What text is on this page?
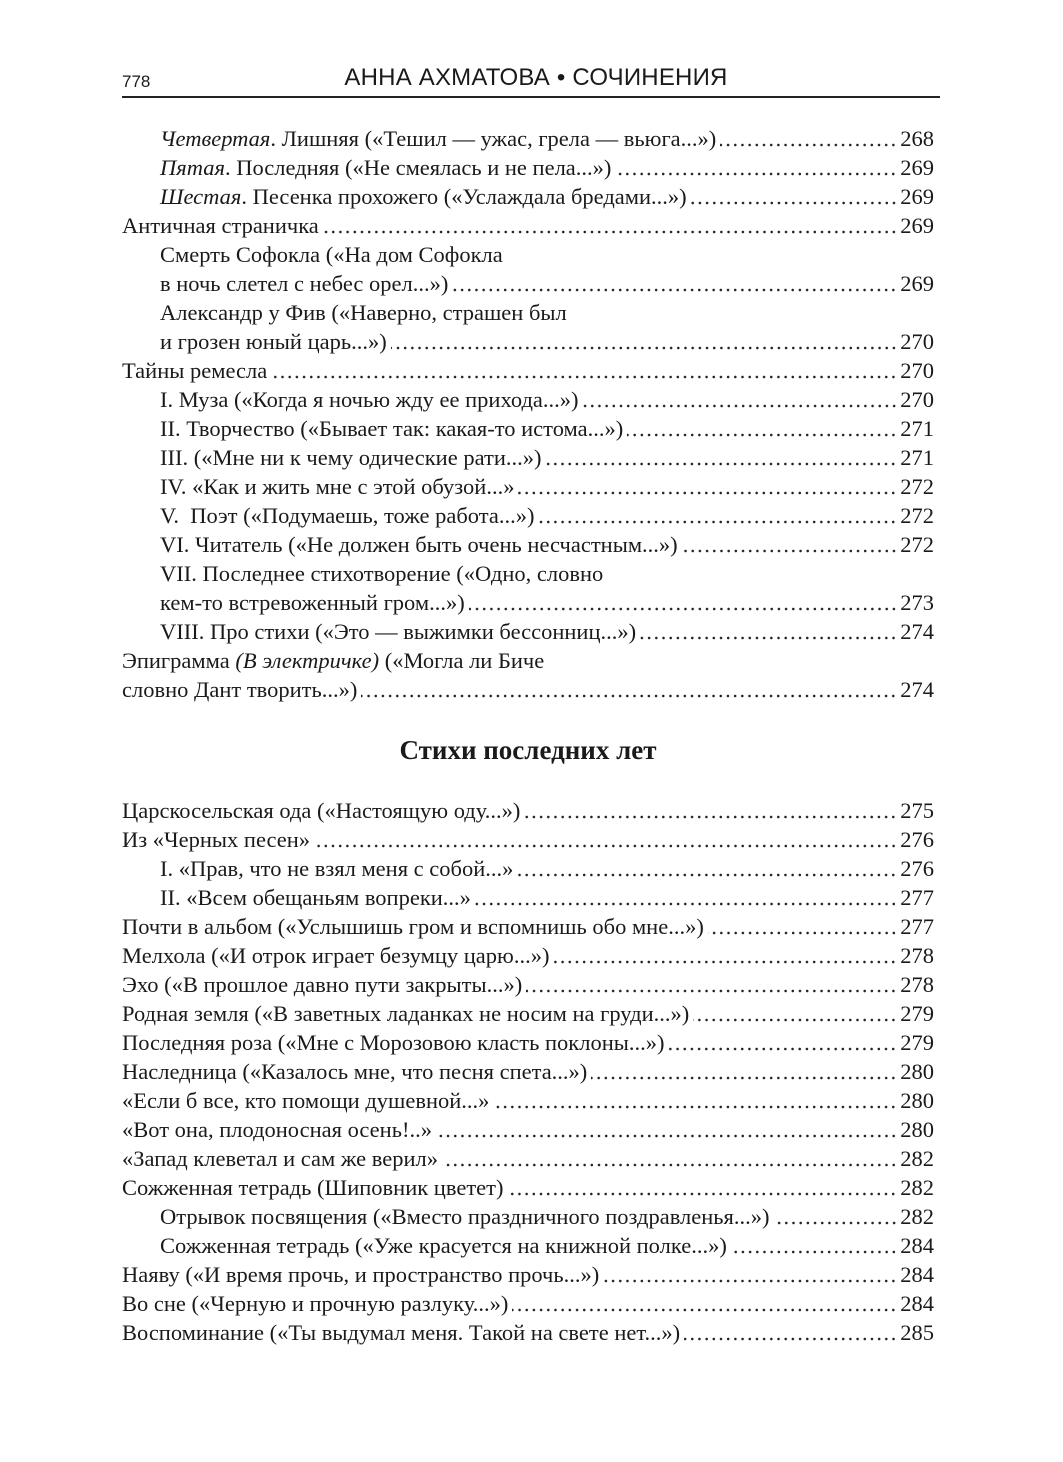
778	АННА АХМАТОВА • СОЧИНЕНИЯ
Четвертая. Лишняя («Тешил — ужас, грела — вьюга...»)	268
Пятая. Последняя («Не смеялась и не пела...»)	269
Шестая. Песенка прохожего («Услаждала бредами...»)	269
Античная страничка	269
Смерть Софокла («На дом Софокла
в ночь слетел с небес орел...»)	269
Александр у Фив («Наверно, страшен был
и грозен юный царь...»)	270
Тайны ремесла	270
I. Муза («Когда я ночью жду ее прихода...»)	270
II. Творчество («Бывает так: какая-то истома...»)	271
III. («Мне ни к чему одические рати...»)	271
IV. «Как и жить мне с этой обузой...»	272
V.  Поэт («Подумаешь, тоже работа...»)	272
VI. Читатель («Не должен быть очень несчастным...»)	272
VII. Последнее стихотворение («Одно, словно
кем-то встревоженный гром...»)	273
VIII. Про стихи («Это — выжимки бессонниц...»)	274
Эпиграмма (В электричке) («Могла ли Биче
словно Дант творить...»)	274
Стихи последних лет
Царскосельская ода («Настоящую оду...»)	275
Из «Черных песен»	276
I. «Прав, что не взял меня с собой...»	276
II. «Всем обещаньям вопреки...»	277
Почти в альбом («Услышишь гром и вспомнишь обо мне...»)	277
Мелхола («И отрок играет безумцу царю...»)	278
Эхо («В прошлое давно пути закрыты...»)	278
Родная земля («В заветных ладанках не носим на груди...»)	279
Последняя роза («Мне с Морозовою класть поклоны...»)	279
Наследница («Казалось мне, что песня спета...»)	280
«Если б все, кто помощи душевной...»	280
«Вот она, плодоносная осень!..»	280
«Запад клеветал и сам же верил»	282
Сожженная тетрадь (Шиповник цветет)	282
Отрывок посвящения («Вместо праздничного поздравленья...»)	282
Сожженная тетрадь («Уже красуется на книжной полке...»)	284
Наяву («И время прочь, и пространство прочь...»)	284
Во сне («Черную и прочную разлуку...»)	284
Воспоминание («Ты выдумал меня. Такой на свете нет...»)	285
